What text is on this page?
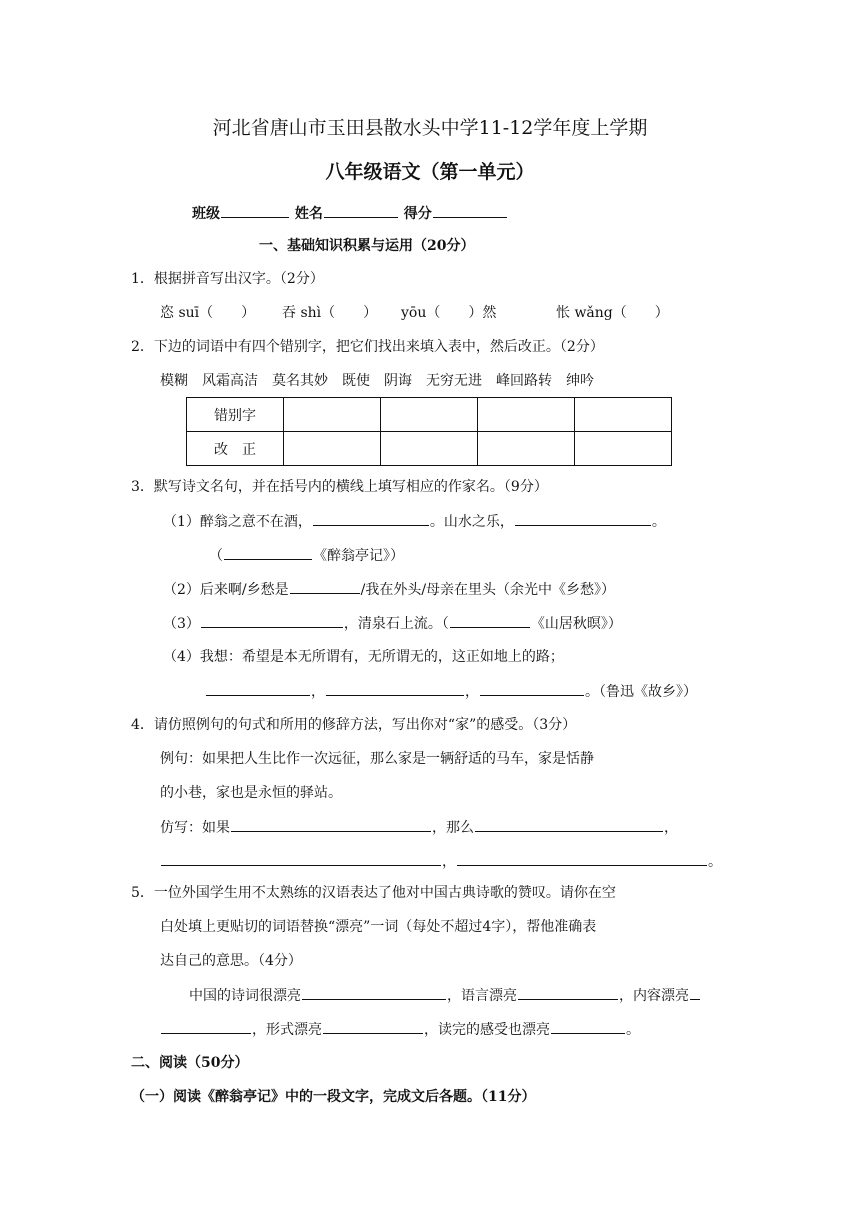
河北省唐山市玉田县散水头中学11-12学年度上学期
八年级语文（第一单元）
班级	姓名	得分
一、基础知识积累与运用（20分）
1．根据拼音写出汉字。（2分）
恣 suī（　　） 吞 shì（　　） yōu（　　）然	怅 wǎng（　　）
2．下边的词语中有四个错别字，把它们找出来填入表中，然后改正。（2分）
模糊　风霜高洁　莫名其妙　既使　阴诲　无穷无进　峰回路转　绅吟
错别字				
改　正				
3．默写诗文名句，并在括号内的横线上填写相应的作家名。（9分）
（1）醉翁之意不在酒，	。山水之乐，	。
（	《醉翁亭记》）
（2）后来啊/乡愁是	/我在外头/母亲在里头（余光中《乡愁》）
（3）	，清泉石上流。（	《山居秋暝》）
（4）我想：希望是本无所谓有，无所谓无的，这正如地上的路；
，	，	。（鲁迅《故乡》）
4．请仿照例句的句式和所用的修辞方法，写出你对“家”的感受。（3分）
例句：如果把人生比作一次远征，那么家是一辆舒适的马车，家是恬静
的小巷，家也是永恒的驿站。
仿写：如果	，那么	，
，	。
5．一位外国学生用不太熟练的汉语表达了他对中国古典诗歌的赞叹。请你在空
白处填上更贴切的词语替换“漂亮”一词（每处不超过4字），帮他准确表
达自己的意思。（4分）
中国的诗词很漂亮	，语言漂亮	，内容漂亮
，形式漂亮	，读完的感受也漂亮	。
二、阅读（50分）
（一）阅读《醉翁亭记》中的一段文字，完成文后各题。（11分）
